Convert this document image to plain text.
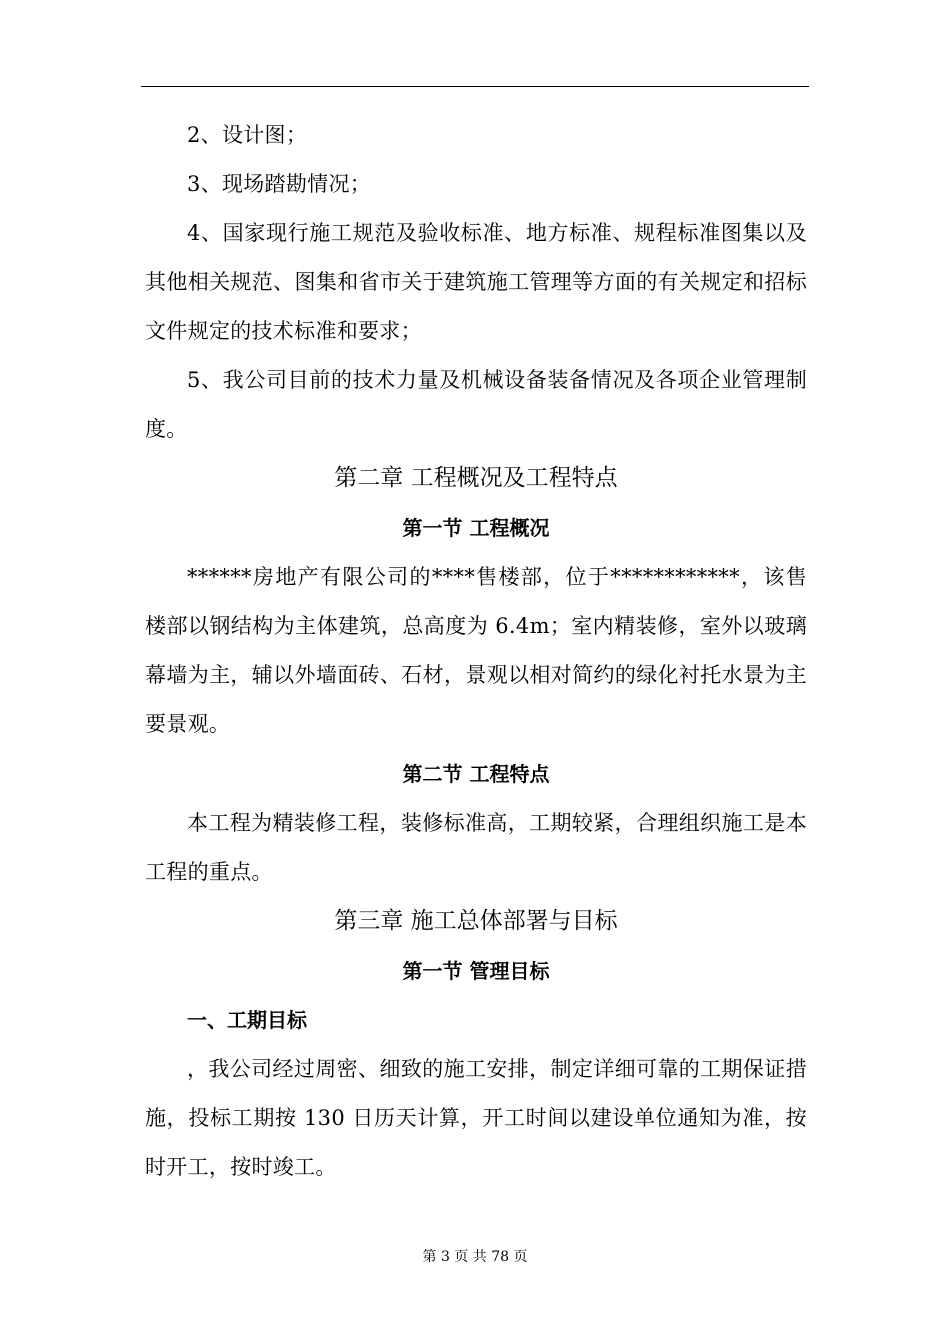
2、设计图；

3、现场踏勘情况；

4、国家现行施工规范及验收标准、地方标准、规程标准图集以及其他相关规范、图集和省市关于建筑施工管理等方面的有关规定和招标文件规定的技术标准和要求；

5、我公司目前的技术力量及机械设备装备情况及各项企业管理制度。

第二章 工程概况及工程特点
第一节 工程概况

******房地产有限公司的****售楼部，位于************，该售楼部以钢结构为主体建筑，总高度为 6.4m；室内精装修，室外以玻璃幕墙为主，辅以外墙面砖、石材，景观以相对简约的绿化衬托水景为主要景观。

第二节 工程特点

本工程为精装修工程，装修标准高，工期较紧，合理组织施工是本工程的重点。

第三章 施工总体部署与目标
第一节 管理目标
一、工期目标

，我公司经过周密、细致的施工安排，制定详细可靠的工期保证措施，投标工期按 130 日历天计算，开工时间以建设单位通知为准，按时开工，按时竣工。

第 3 页 共 78 页
